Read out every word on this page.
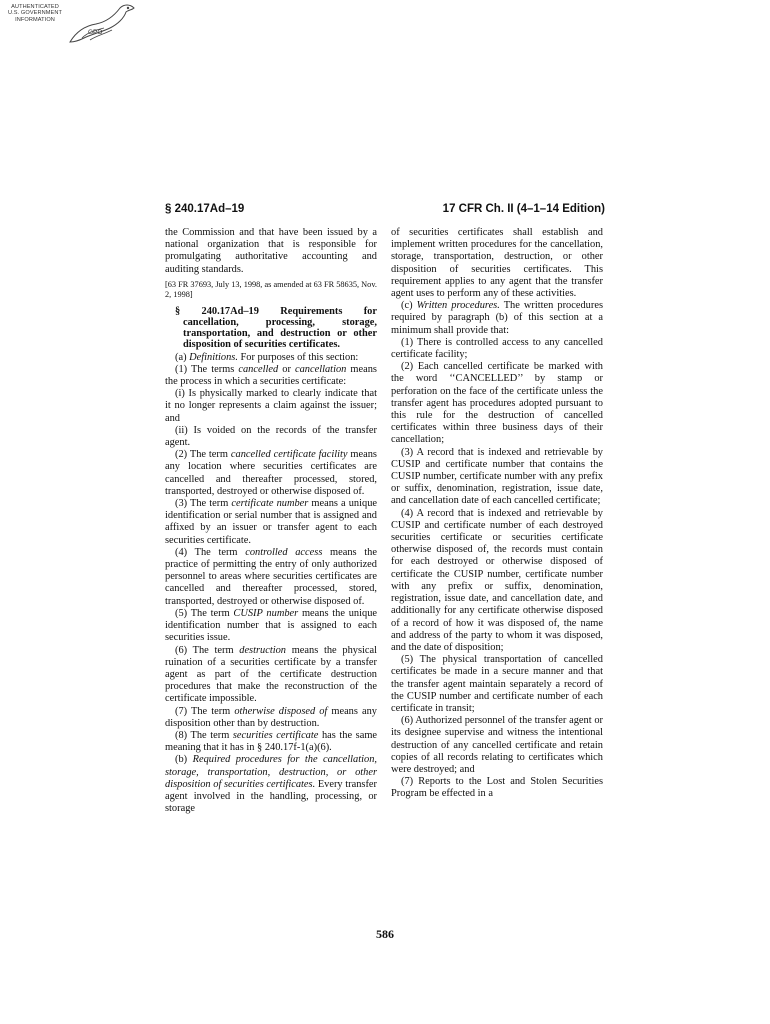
AUTHENTICATED
U.S. GOVERNMENT
INFORMATION
GPO
§ 240.17Ad–19	17 CFR Ch. II (4–1–14 Edition)

the Commission and that have been issued by a national organization that is responsible for promulgating authoritative accounting and auditing standards.

[63 FR 37693, July 13, 1998, as amended at 63 FR 58635, Nov. 2, 1998]

§ 240.17Ad–19 Requirements for cancellation, processing, storage, transportation, and destruction or other disposition of securities certificates.

(a) Definitions. For purposes of this section:

(1) The terms cancelled or cancellation means the process in which a securities certificate:

(i) Is physically marked to clearly indicate that it no longer represents a claim against the issuer; and

(ii) Is voided on the records of the transfer agent.

(2) The term cancelled certificate facility means any location where securities certificates are cancelled and thereafter processed, stored, transported, destroyed or otherwise disposed of.

(3) The term certificate number means a unique identification or serial number that is assigned and affixed by an issuer or transfer agent to each securities certificate.

(4) The term controlled access means the practice of permitting the entry of only authorized personnel to areas where securities certificates are cancelled and thereafter processed, stored, transported, destroyed or otherwise disposed of.

(5) The term CUSIP number means the unique identification number that is assigned to each securities issue.

(6) The term destruction means the physical ruination of a securities certificate by a transfer agent as part of the certificate destruction procedures that make the reconstruction of the certificate impossible.

(7) The term otherwise disposed of means any disposition other than by destruction.

(8) The term securities certificate has the same meaning that it has in § 240.17f-1(a)(6).

(b) Required procedures for the cancellation, storage, transportation, destruction, or other disposition of securities certificates. Every transfer agent involved in the handling, processing, or storage

of securities certificates shall establish and implement written procedures for the cancellation, storage, transportation, destruction, or other disposition of securities certificates. This requirement applies to any agent that the transfer agent uses to perform any of these activities.

(c) Written procedures. The written procedures required by paragraph (b) of this section at a minimum shall provide that:

(1) There is controlled access to any cancelled certificate facility;

(2) Each cancelled certificate be marked with the word ‘‘CANCELLED’’ by stamp or perforation on the face of the certificate unless the transfer agent has procedures adopted pursuant to this rule for the destruction of cancelled certificates within three business days of their cancellation;

(3) A record that is indexed and retrievable by CUSIP and certificate number that contains the CUSIP number, certificate number with any prefix or suffix, denomination, registration, issue date, and cancellation date of each cancelled certificate;

(4) A record that is indexed and retrievable by CUSIP and certificate number of each destroyed securities certificate or securities certificate otherwise disposed of, the records must contain for each destroyed or otherwise disposed of certificate the CUSIP number, certificate number with any prefix or suffix, denomination, registration, issue date, and cancellation date, and additionally for any certificate otherwise disposed of a record of how it was disposed of, the name and address of the party to whom it was disposed, and the date of disposition;

(5) The physical transportation of cancelled certificates be made in a secure manner and that the transfer agent maintain separately a record of the CUSIP number and certificate number of each certificate in transit;

(6) Authorized personnel of the transfer agent or its designee supervise and witness the intentional destruction of any cancelled certificate and retain copies of all records relating to certificates which were destroyed; and

(7) Reports to the Lost and Stolen Securities Program be effected in a

586
